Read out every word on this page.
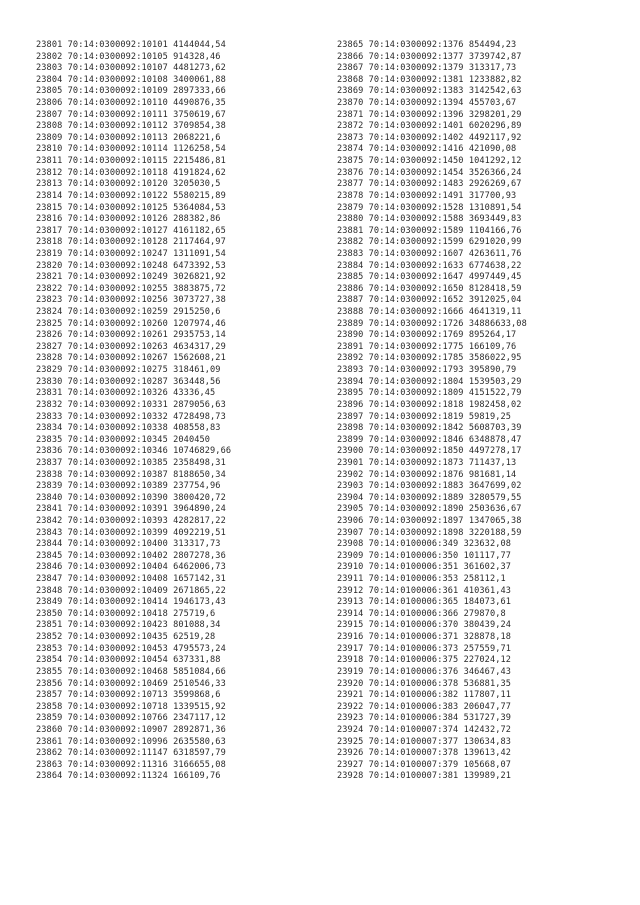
23801 70:14:0300092:10101 4144044,54
23802 70:14:0300092:10105 914328,46
23803 70:14:0300092:10107 4481273,62
23804 70:14:0300092:10108 3400061,88
23805 70:14:0300092:10109 2897333,66
23806 70:14:0300092:10110 4490876,35
23807 70:14:0300092:10111 3750619,67
23808 70:14:0300092:10112 3709854,38
23809 70:14:0300092:10113 2068221,6
23810 70:14:0300092:10114 1126258,54
23811 70:14:0300092:10115 2215486,81
23812 70:14:0300092:10118 4191824,62
23813 70:14:0300092:10120 3205030,5
23814 70:14:0300092:10122 5580215,89
23815 70:14:0300092:10125 5364084,53
23816 70:14:0300092:10126 288382,86
23817 70:14:0300092:10127 4161182,65
23818 70:14:0300092:10128 2117464,97
23819 70:14:0300092:10247 1311091,54
23820 70:14:0300092:10248 6473392,53
23821 70:14:0300092:10249 3026821,92
23822 70:14:0300092:10255 3883875,72
23823 70:14:0300092:10256 3073727,38
23824 70:14:0300092:10259 2915250,6
23825 70:14:0300092:10260 1207974,46
23826 70:14:0300092:10261 2935753,14
23827 70:14:0300092:10263 4634317,29
23828 70:14:0300092:10267 1562608,21
23829 70:14:0300092:10275 318461,09
23830 70:14:0300092:10287 363448,56
23831 70:14:0300092:10326 43336,45
23832 70:14:0300092:10331 2879056,63
23833 70:14:0300092:10332 4728498,73
23834 70:14:0300092:10338 408558,83
23835 70:14:0300092:10345 2040450
23836 70:14:0300092:10346 10746829,66
23837 70:14:0300092:10385 2358498,31
23838 70:14:0300092:10387 8188650,34
23839 70:14:0300092:10389 237754,96
23840 70:14:0300092:10390 3800420,72
23841 70:14:0300092:10391 3964890,24
23842 70:14:0300092:10393 4282817,22
23843 70:14:0300092:10399 4092219,51
23844 70:14:0300092:10400 313317,73
23845 70:14:0300092:10402 2807278,36
23846 70:14:0300092:10404 6462006,73
23847 70:14:0300092:10408 1657142,31
23848 70:14:0300092:10409 2671865,22
23849 70:14:0300092:10414 1946173,43
23850 70:14:0300092:10418 275719,6
23851 70:14:0300092:10423 801088,34
23852 70:14:0300092:10435 62519,28
23853 70:14:0300092:10453 4795573,24
23854 70:14:0300092:10454 637331,88
23855 70:14:0300092:10468 5851084,66
23856 70:14:0300092:10469 2510546,33
23857 70:14:0300092:10713 3599868,6
23858 70:14:0300092:10718 1339515,92
23859 70:14:0300092:10766 2347117,12
23860 70:14:0300092:10907 2892871,36
23861 70:14:0300092:10996 2635580,63
23862 70:14:0300092:11147 6318597,79
23863 70:14:0300092:11316 3166655,08
23864 70:14:0300092:11324 166109,76
23865 70:14:0300092:1376 854494,23
23866 70:14:0300092:1377 3739742,87
23867 70:14:0300092:1379 313317,73
23868 70:14:0300092:1381 1233882,82
23869 70:14:0300092:1383 3142542,63
23870 70:14:0300092:1394 455703,67
23871 70:14:0300092:1396 3298201,29
23872 70:14:0300092:1401 6020296,89
23873 70:14:0300092:1402 4492117,92
23874 70:14:0300092:1416 421090,08
23875 70:14:0300092:1450 1041292,12
23876 70:14:0300092:1454 3526366,24
23877 70:14:0300092:1483 2926269,67
23878 70:14:0300092:1491 317700,93
23879 70:14:0300092:1528 1310891,54
23880 70:14:0300092:1588 3693449,83
23881 70:14:0300092:1589 1104166,76
23882 70:14:0300092:1599 6291020,99
23883 70:14:0300092:1607 4263611,76
23884 70:14:0300092:1633 6774638,22
23885 70:14:0300092:1647 4997449,45
23886 70:14:0300092:1650 8128418,59
23887 70:14:0300092:1652 3912025,04
23888 70:14:0300092:1666 4641319,11
23889 70:14:0300092:1726 34886633,08
23890 70:14:0300092:1769 895264,17
23891 70:14:0300092:1775 166109,76
23892 70:14:0300092:1785 3586022,95
23893 70:14:0300092:1793 395890,79
23894 70:14:0300092:1804 1539503,29
23895 70:14:0300092:1809 4151522,79
23896 70:14:0300092:1818 1982458,02
23897 70:14:0300092:1819 59819,25
23898 70:14:0300092:1842 5608703,39
23899 70:14:0300092:1846 6348878,47
23900 70:14:0300092:1850 4497278,17
23901 70:14:0300092:1873 711437,13
23902 70:14:0300092:1876 981681,14
23903 70:14:0300092:1883 3647699,02
23904 70:14:0300092:1889 3280579,55
23905 70:14:0300092:1890 2503636,67
23906 70:14:0300092:1897 1347065,38
23907 70:14:0300092:1898 3220188,59
23908 70:14:0100006:349 323632,08
23909 70:14:0100006:350 101117,77
23910 70:14:0100006:351 361602,37
23911 70:14:0100006:353 258112,1
23912 70:14:0100006:361 410361,43
23913 70:14:0100006:365 184073,61
23914 70:14:0100006:366 279870,8
23915 70:14:0100006:370 380439,24
23916 70:14:0100006:371 328878,18
23917 70:14:0100006:373 257559,71
23918 70:14:0100006:375 227024,12
23919 70:14:0100006:376 346467,43
23920 70:14:0100006:378 536881,35
23921 70:14:0100006:382 117807,11
23922 70:14:0100006:383 206047,77
23923 70:14:0100006:384 531727,39
23924 70:14:0100007:374 142432,72
23925 70:14:0100007:377 130634,83
23926 70:14:0100007:378 139613,42
23927 70:14:0100007:379 105668,07
23928 70:14:0100007:381 139989,21
